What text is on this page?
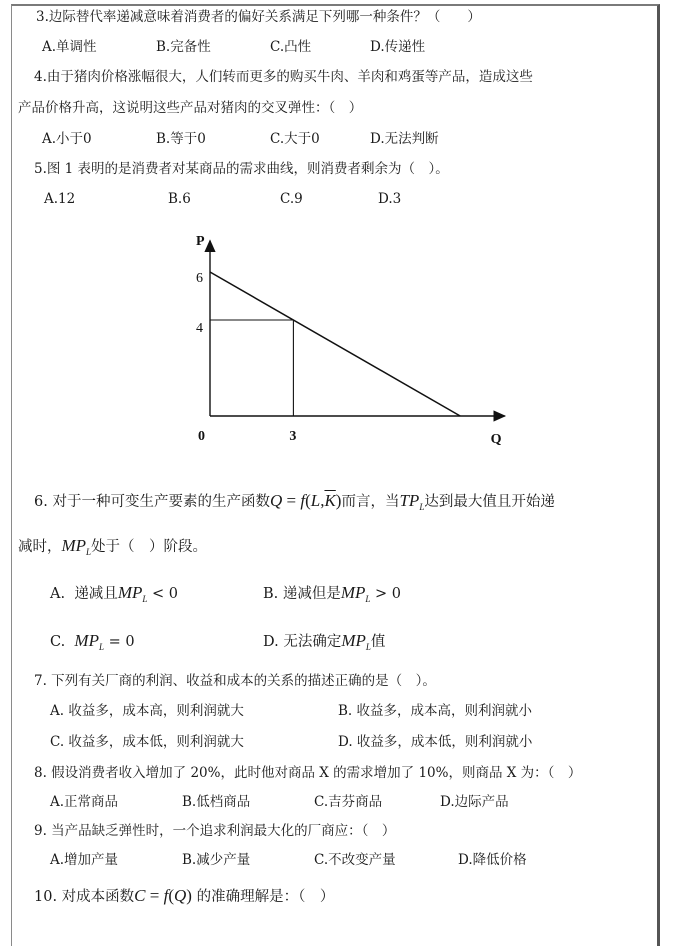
3.边际替代率递减意味着消费者的偏好关系满足下列哪一种条件？（　　）
A.单调性	B.完备性	C.凸性	D.传递性
4.由于猪肉价格涨幅很大，人们转而更多的购买牛肉、羊肉和鸡蛋等产品，造成这些
产品价格升高，这说明这些产品对猪肉的交叉弹性：（　）
A.小于0	B.等于0	C.大于0	D.无法判断
5.图 1 表明的是消费者对某商品的需求曲线，则消费者剩余为（　）。
A.12	B.6	C.9	D.3
P
Q
0
6
4
3
6. 对于一种可变生产要素的生产函数$Q = f(L,\overline{K})$而言，当$TP_L$达到最大值且开始递
减时，$MP_L$处于（　）阶段。
A. 递减且$MP_L < 0$	B. 递减但是$MP_L > 0$
C. $MP_L = 0$	D. 无法确定$MP_L$值
7. 下列有关厂商的利润、收益和成本的关系的描述正确的是（　）。
A. 收益多，成本高，则利润就大	B. 收益多，成本高，则利润就小
C. 收益多，成本低，则利润就大	D. 收益多，成本低，则利润就小
8. 假设消费者收入增加了 20%，此时他对商品 X 的需求增加了 10%，则商品 X 为：（　）
A.正常商品	B.低档商品	C.吉芬商品	D.边际产品
9. 当产品缺乏弹性时，一个追求利润最大化的厂商应：（　）
A.增加产量	B.减少产量	C.不改变产量	D.降低价格
10. 对成本函数C = f(Q) 的准确理解是：（　）
